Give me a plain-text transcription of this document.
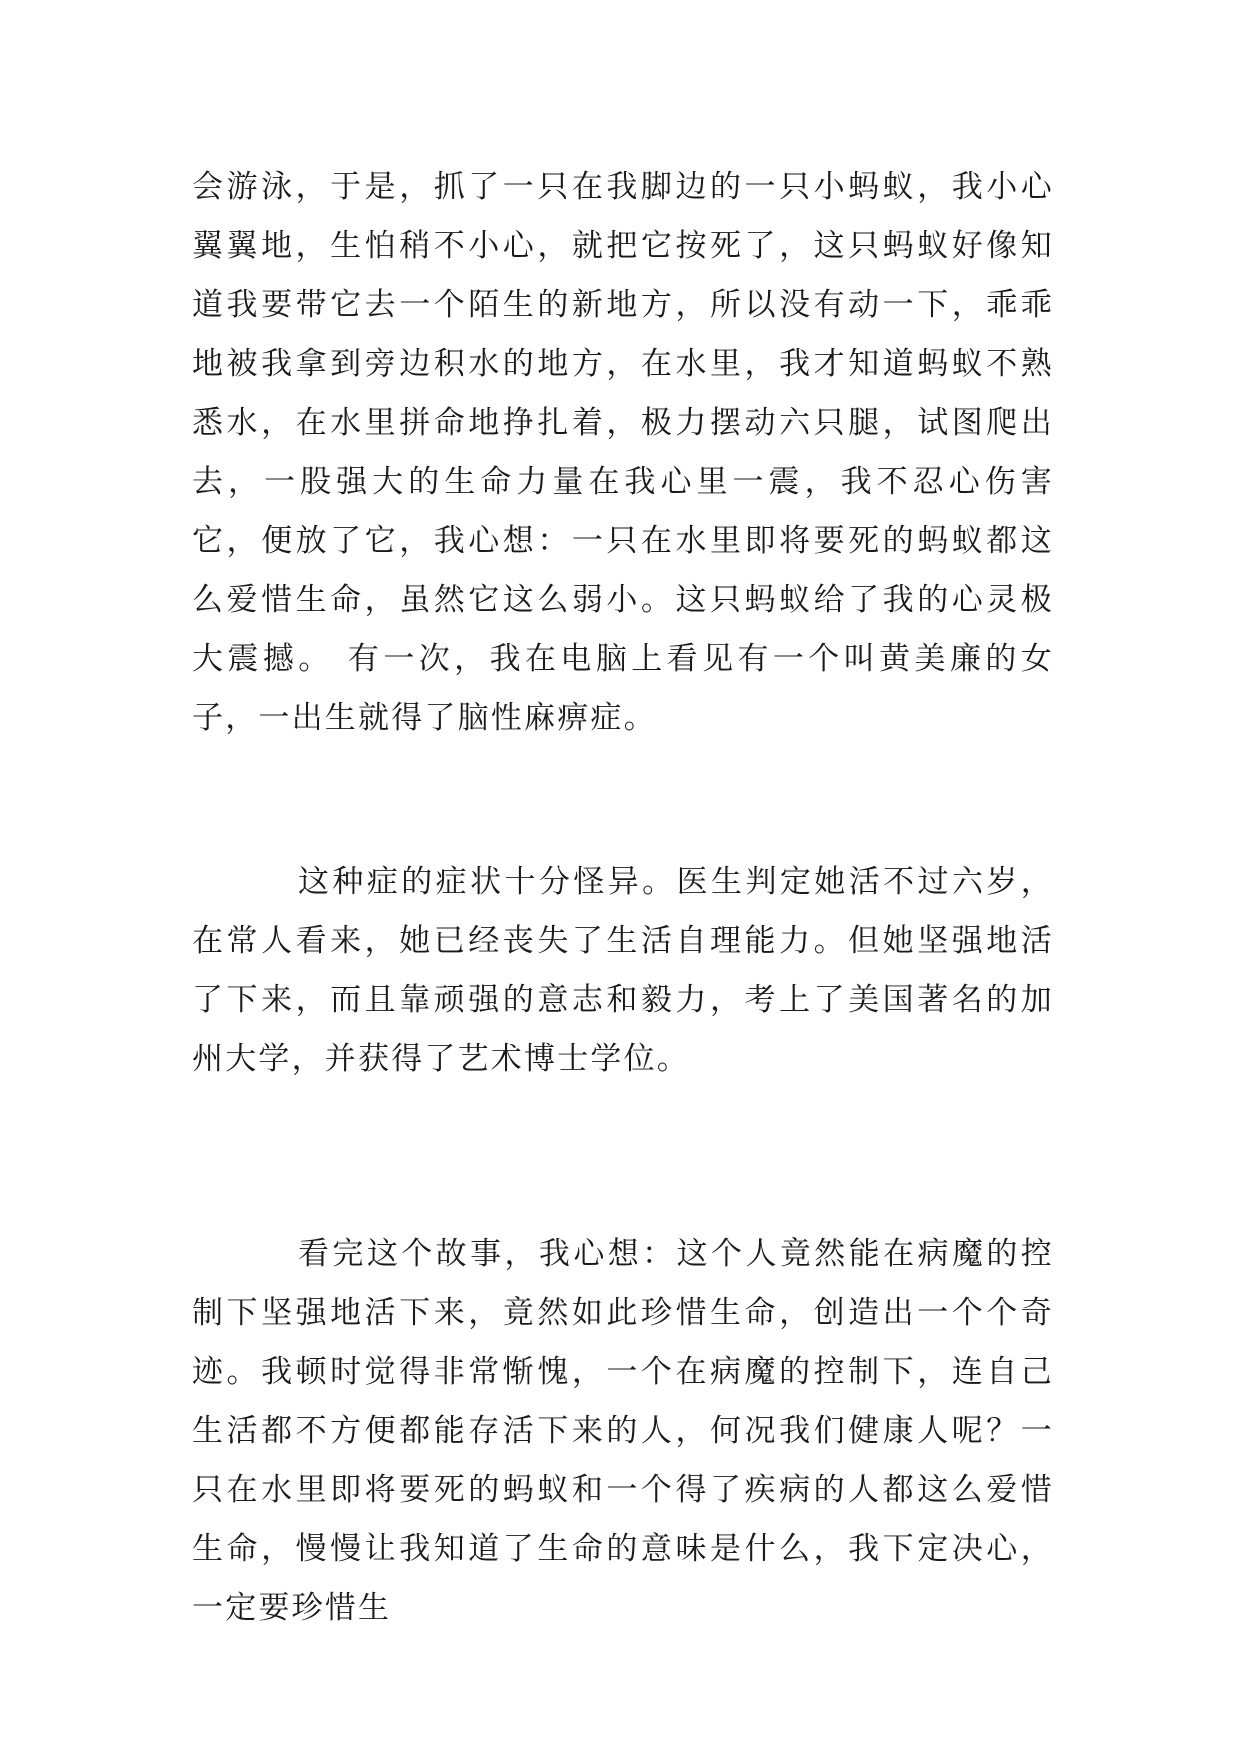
会游泳，于是，抓了一只在我脚边的一只小蚂蚁，我小心翼翼地，生怕稍不小心，就把它按死了，这只蚂蚁好像知道我要带它去一个陌生的新地方，所以没有动一下，乖乖地被我拿到旁边积水的地方，在水里，我才知道蚂蚁不熟悉水，在水里拼命地挣扎着，极力摆动六只腿，试图爬出去，一股强大的生命力量在我心里一震，我不忍心伤害它，便放了它，我心想：一只在水里即将要死的蚂蚁都这么爱惜生命，虽然它这么弱小。这只蚂蚁给了我的心灵极大震撼。 有一次，我在电脑上看见有一个叫黄美廉的女子，一出生就得了脑性麻痹症。

这种症的症状十分怪异。医生判定她活不过六岁，在常人看来，她已经丧失了生活自理能力。但她坚强地活了下来，而且靠顽强的意志和毅力，考上了美国著名的加州大学，并获得了艺术博士学位。

看完这个故事，我心想：这个人竟然能在病魔的控制下坚强地活下来，竟然如此珍惜生命，创造出一个个奇迹。我顿时觉得非常惭愧，一个在病魔的控制下，连自己生活都不方便都能存活下来的人，何况我们健康人呢？一只在水里即将要死的蚂蚁和一个得了疾病的人都这么爱惜生命，慢慢让我知道了生命的意味是什么，我下定决心，一定要珍惜生
